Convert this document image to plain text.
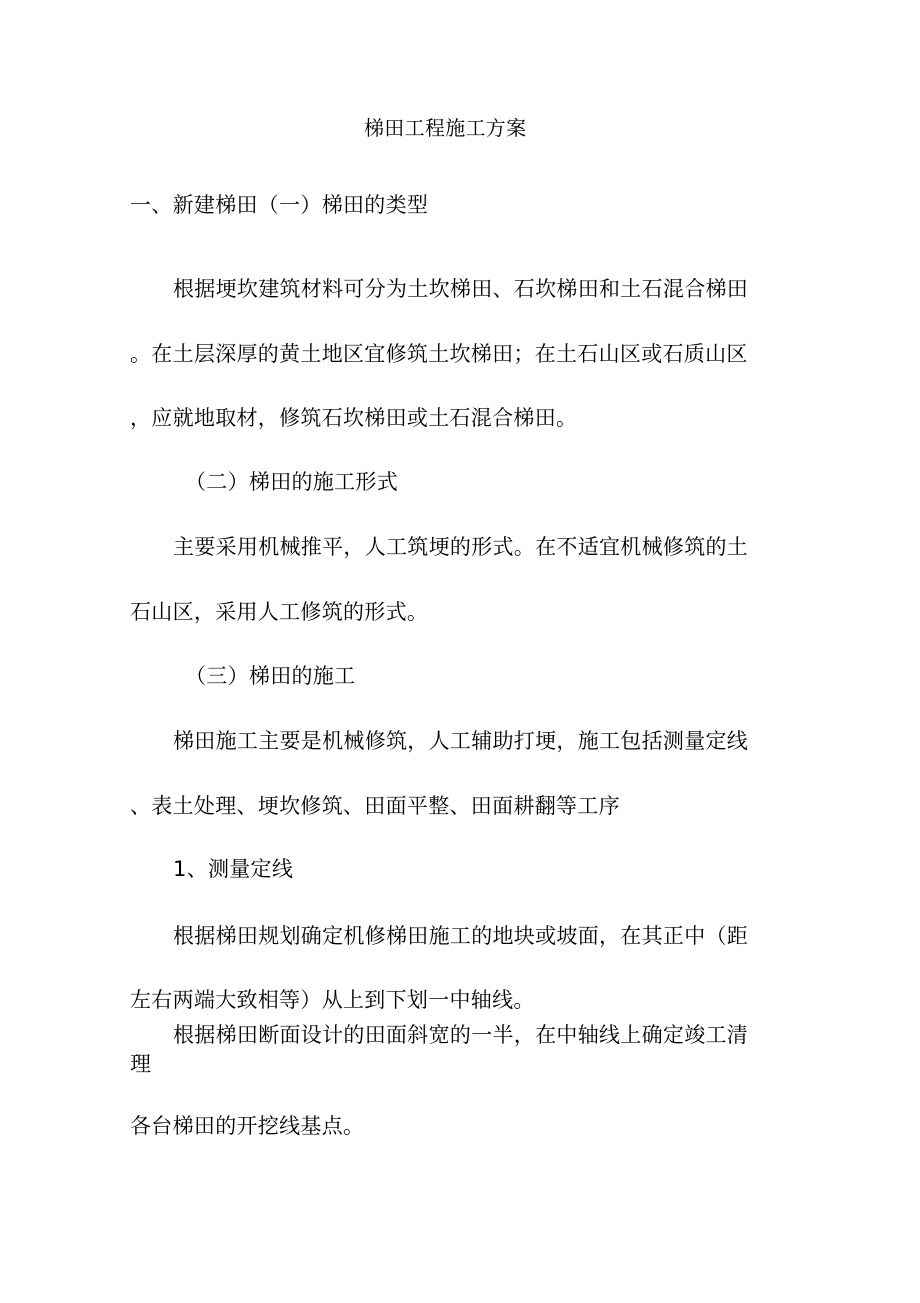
梯田工程施工方案
一、新建梯田（一）梯田的类型
根据埂坎建筑材料可分为土坎梯田、石坎梯田和土石混合梯田
。在土层深厚的黄土地区宜修筑土坎梯田；在土石山区或石质山区
，应就地取材，修筑石坎梯田或土石混合梯田。
（二）梯田的施工形式
主要采用机械推平，人工筑埂的形式。在不适宜机械修筑的土
石山区，采用人工修筑的形式。
（三）梯田的施工
梯田施工主要是机械修筑，人工辅助打埂，施工包括测量定线
、表土处理、埂坎修筑、田面平整、田面耕翻等工序
1、测量定线
根据梯田规划确定机修梯田施工的地块或坡面，在其正中（距
左右两端大致相等）从上到下划一中轴线。
根据梯田断面设计的田面斜宽的一半，在中轴线上确定竣工清
理
各台梯田的开挖线基点。
